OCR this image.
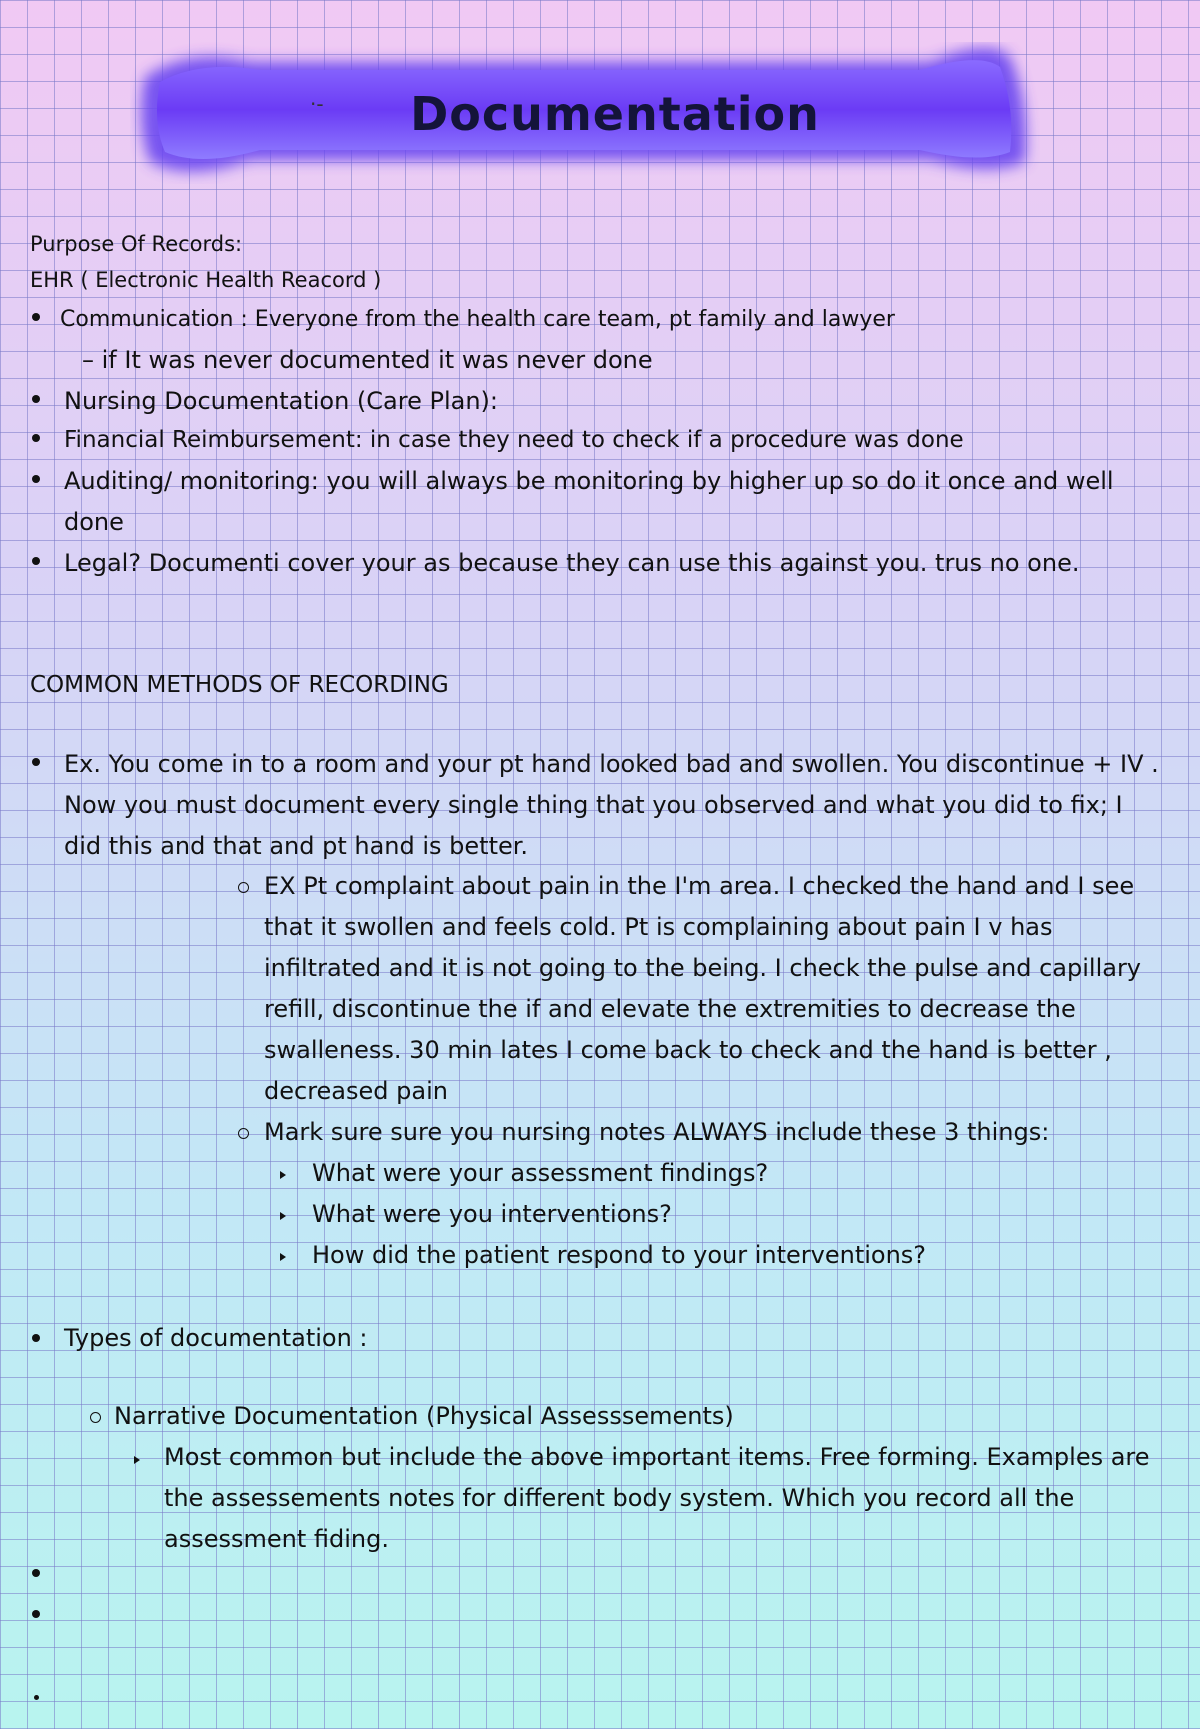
·-	Documentation
Purpose Of Records:
EHR ( Electronic Health Reacord )
Communication : Everyone from the health care team, pt family and lawyer
– if It was never documented it was never done
Nursing Documentation (Care Plan):
Financial Reimbursement: in case they need to check if a procedure was done
Auditing/ monitoring: you will always be monitoring by higher up so do it once and well done
Legal? Documenti cover your as because they can use this against you. trus no one.
COMMON METHODS OF RECORDING
Ex. You come in to a room and your pt hand looked bad and swollen. You discontinue + IV . Now you must document every single thing that you observed and what you did to fix; I did this and that and pt hand is better.
EX Pt complaint about pain in the I'm area. I checked the hand and I see that it swollen and feels cold. Pt is complaining about pain I v has infiltrated and it is not going to the being. I check the pulse and capillary refill, discontinue the if and elevate the extremities to decrease the swalleness. 30 min lates I come back to check and the hand is better , decreased pain
Mark sure sure you nursing notes ALWAYS include these 3 things:
What were your assessment findings?
What were you interventions?
How did the patient respond to your interventions?
Types of documentation :
Narrative Documentation (Physical Assesssements)
Most common but include the above important items. Free forming. Examples are the assessements notes for different body system. Which you record all the assessment fiding.
